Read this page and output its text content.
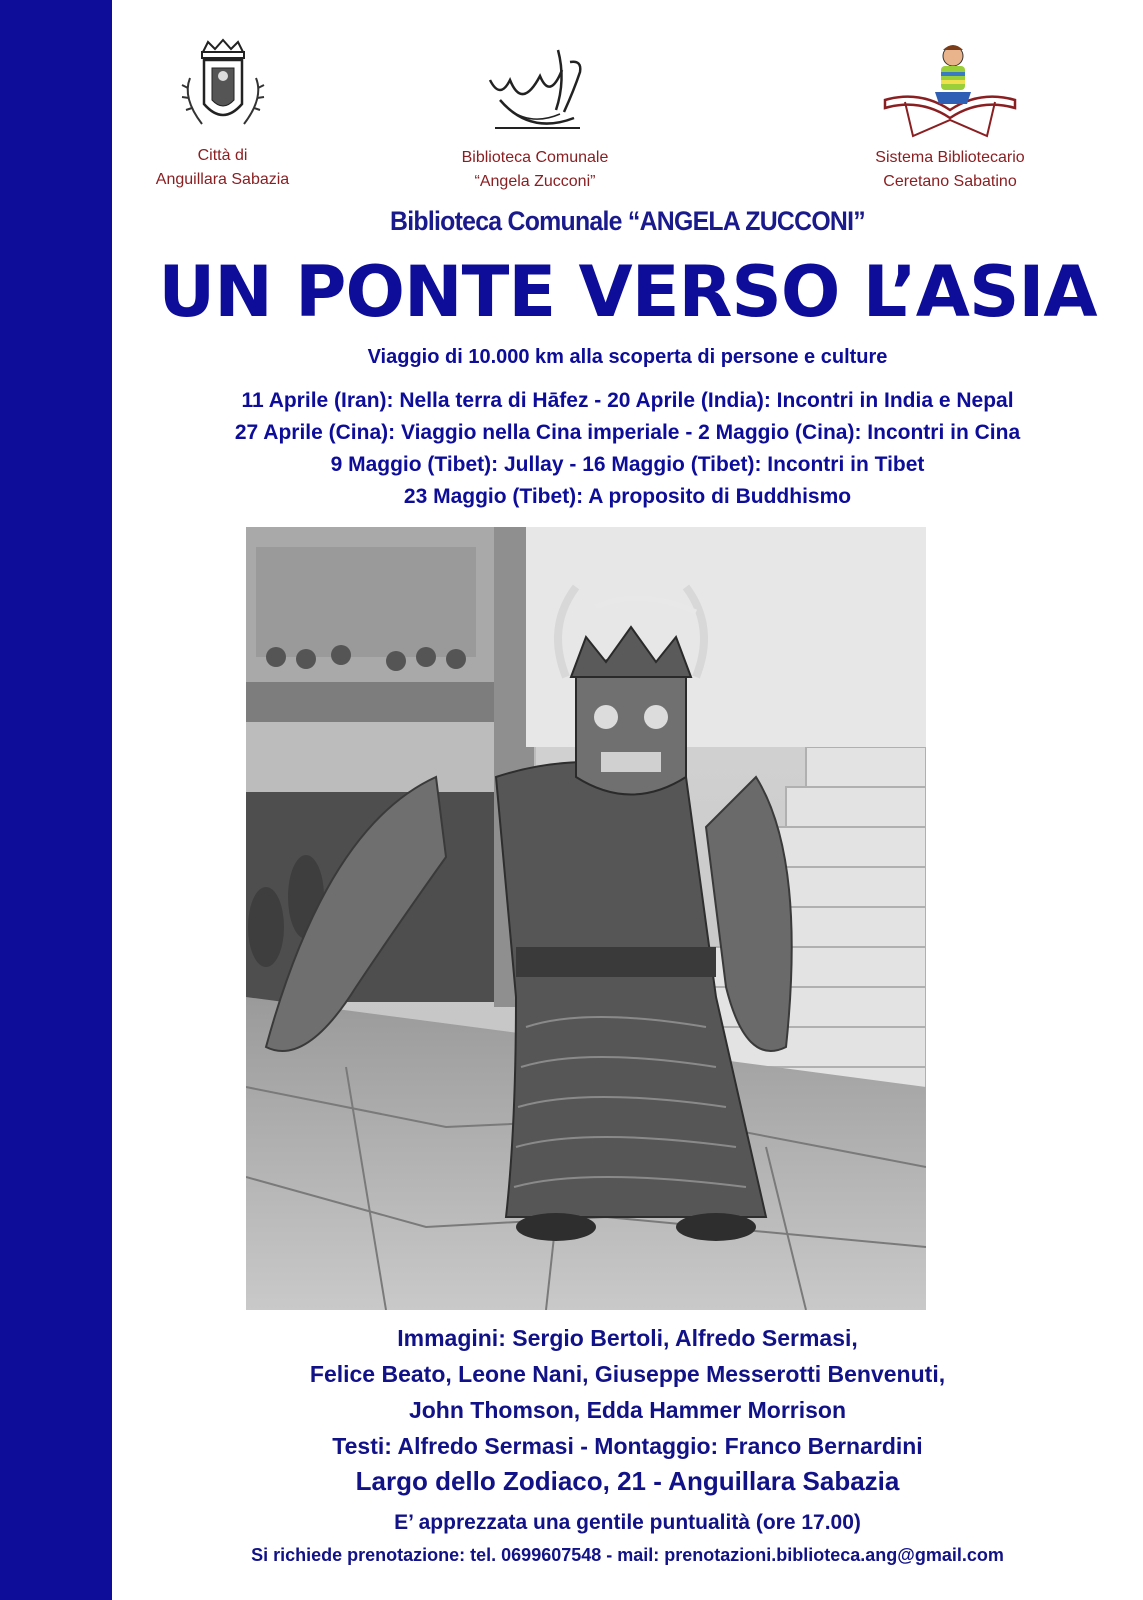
Città di
Anguillara Sabazia
Biblioteca Comunale
“Angela Zucconi”
Sistema Bibliotecario
Ceretano Sabatino
Biblioteca Comunale “ANGELA ZUCCONI”
UN PONTE VERSO L’ASIA
Viaggio di 10.000 km alla scoperta di persone e culture
11 Aprile (Iran): Nella terra di Hāfez - 20 Aprile (India): Incontri in India e Nepal
27 Aprile (Cina): Viaggio nella Cina imperiale - 2 Maggio (Cina): Incontri in Cina
9 Maggio (Tibet): Jullay - 16 Maggio (Tibet): Incontri in Tibet
23 Maggio (Tibet): A proposito di Buddhismo
Immagini: Sergio Bertoli, Alfredo Sermasi,
Felice Beato, Leone Nani, Giuseppe Messerotti Benvenuti,
John Thomson, Edda Hammer Morrison
Testi: Alfredo Sermasi - Montaggio: Franco Bernardini
Largo dello Zodiaco, 21 - Anguillara Sabazia
E’ apprezzata una gentile puntualità (ore 17.00)
Si richiede prenotazione: tel. 0699607548 - mail: prenotazioni.biblioteca.ang@gmail.com
